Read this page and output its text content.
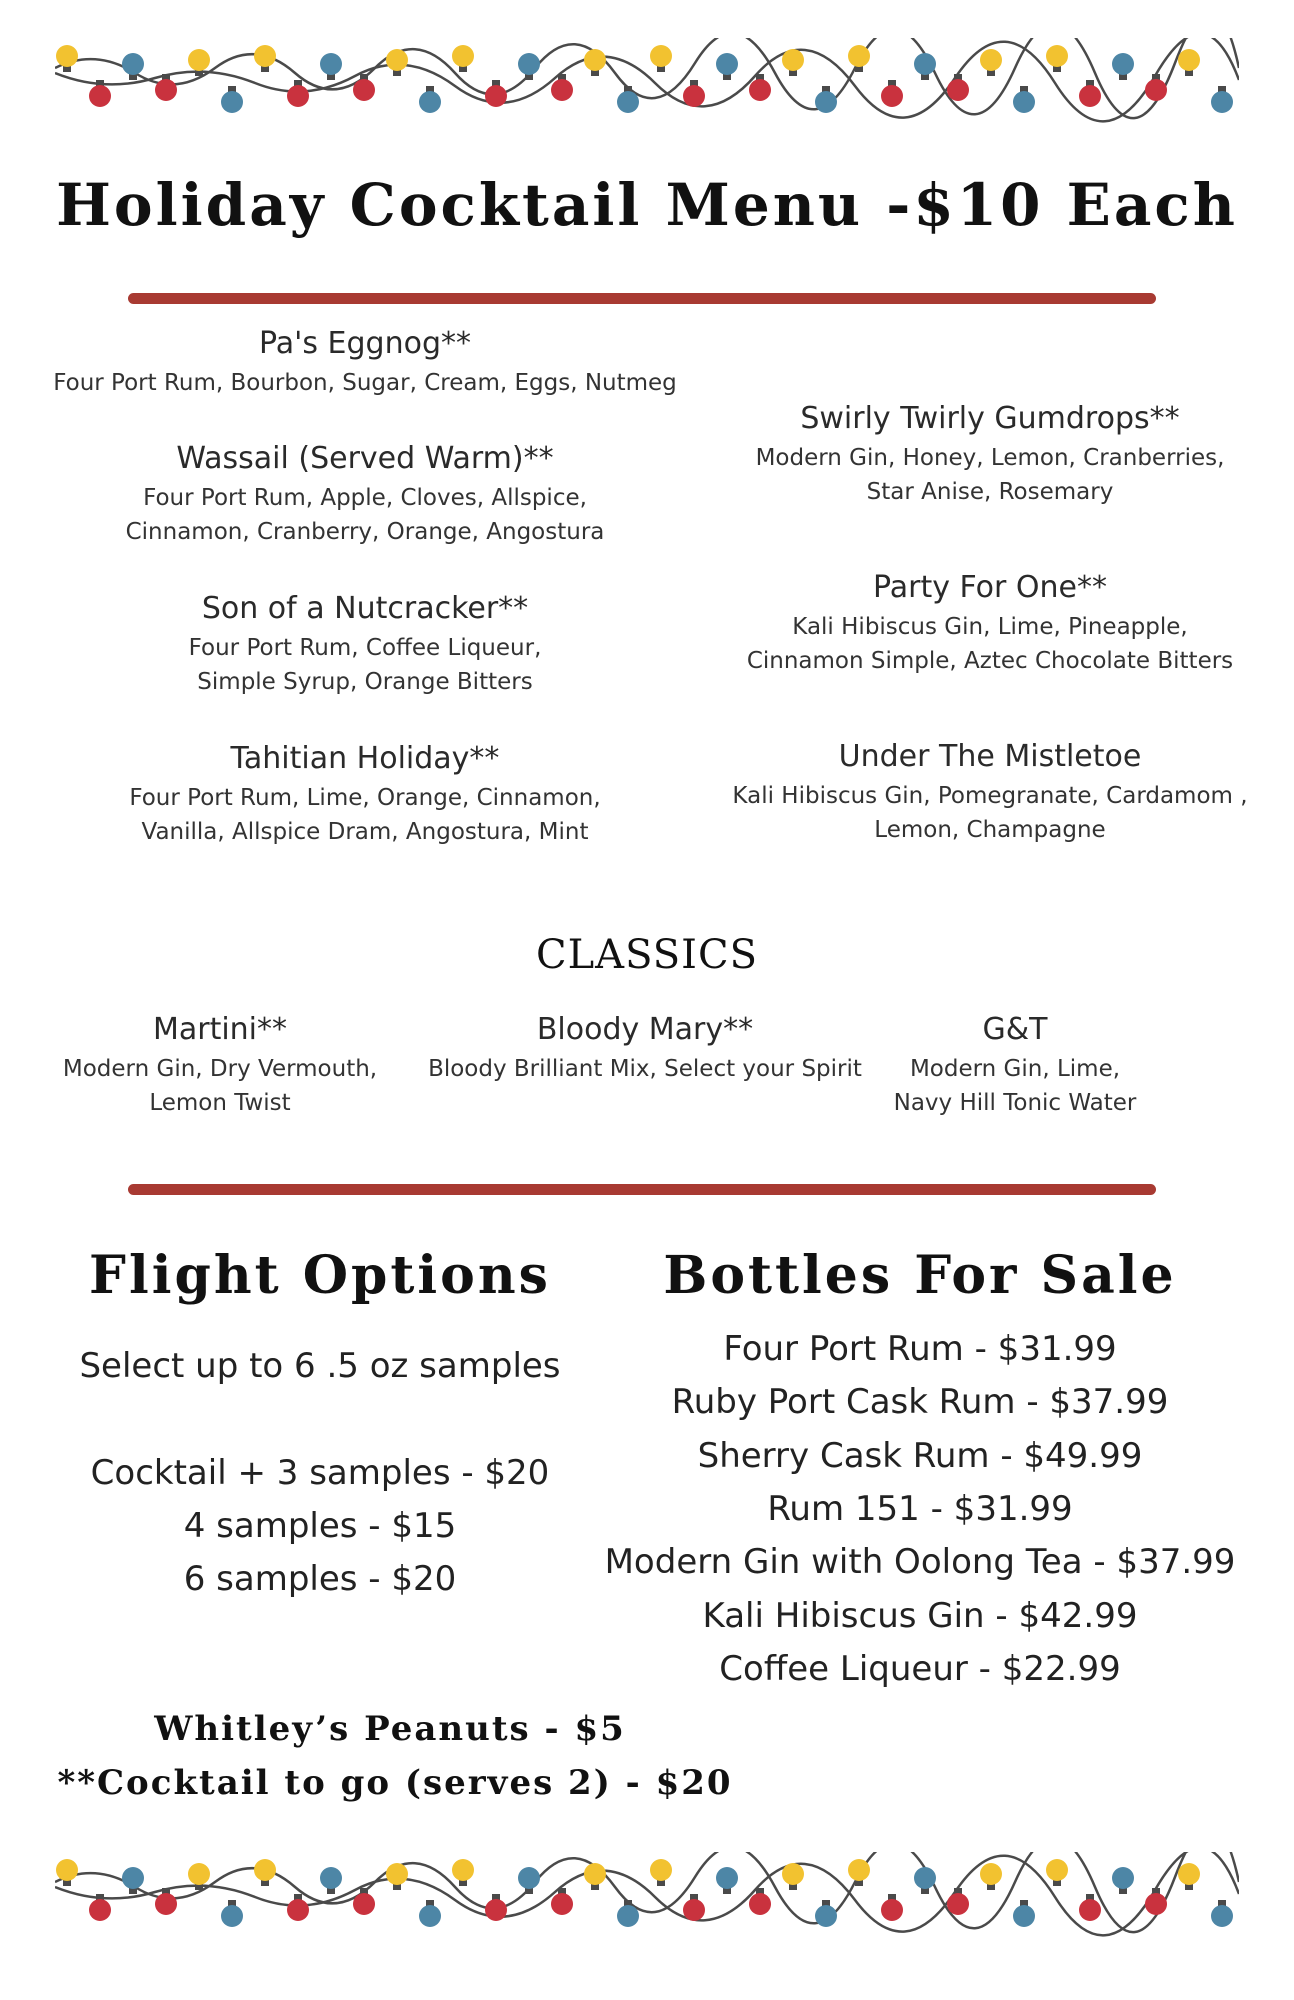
Holiday Cocktail Menu -$10 Each
Pa's Eggnog**
Four Port Rum, Bourbon, Sugar, Cream, Eggs, Nutmeg
Wassail (Served Warm)**
Four Port Rum, Apple, Cloves, Allspice,
Cinnamon, Cranberry, Orange, Angostura
Son of a Nutcracker**
Four Port Rum, Coffee Liqueur,
Simple Syrup, Orange Bitters
Tahitian Holiday**
Four Port Rum, Lime, Orange, Cinnamon,
Vanilla, Allspice Dram, Angostura, Mint
Swirly Twirly Gumdrops**
Modern Gin, Honey, Lemon, Cranberries,
Star Anise, Rosemary
Party For One**
Kali Hibiscus Gin, Lime, Pineapple,
Cinnamon Simple, Aztec Chocolate Bitters
Under The Mistletoe
Kali Hibiscus Gin, Pomegranate, Cardamom ,
Lemon, Champagne
CLASSICS
Martini**
Modern Gin, Dry Vermouth,
Lemon Twist
Bloody Mary**
Bloody Brilliant Mix, Select your Spirit
G&T
Modern Gin, Lime,
Navy Hill Tonic Water
Flight Options
Select up to 6 .5 oz samples
Cocktail + 3 samples - $20
4 samples - $15
6 samples - $20
Bottles For Sale
Four Port Rum - $31.99
Ruby Port Cask Rum - $37.99
Sherry Cask Rum - $49.99
Rum 151 - $31.99
Modern Gin with Oolong Tea - $37.99
Kali Hibiscus Gin - $42.99
Coffee Liqueur - $22.99
Whitley’s Peanuts - $5
**Cocktail to go (serves 2) - $20
